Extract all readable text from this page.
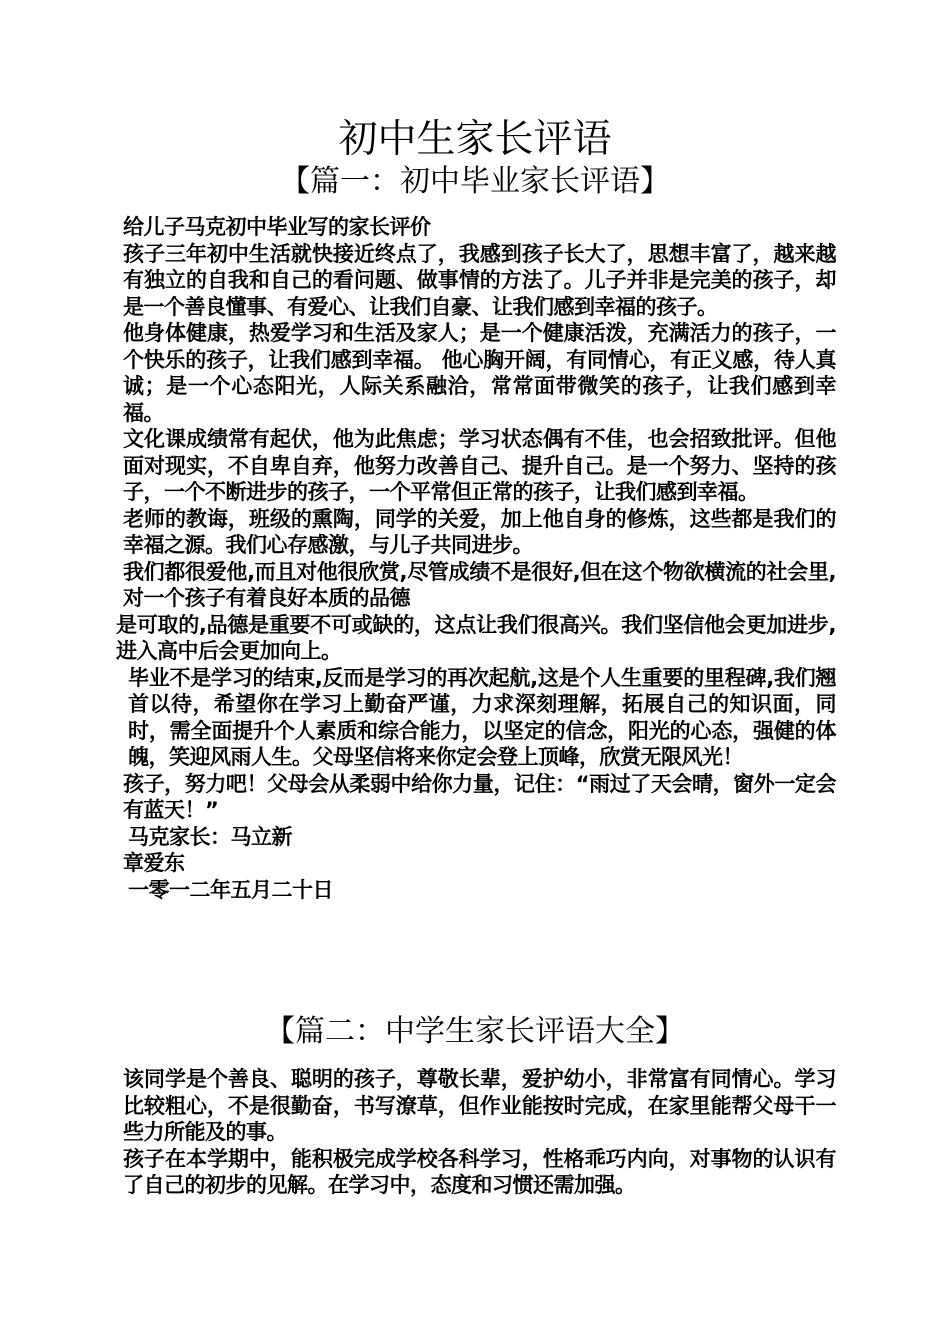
初中生家长评语
【篇一：初中毕业家长评语】

给儿子马克初中毕业写的家长评价

孩子三年初中生活就快接近终点了，我感到孩子长大了，思想丰富了，越来越有独立的自我和自己的看问题、做事情的方法了。儿子并非是完美的孩子，却是一个善良懂事、有爱心、让我们自豪、让我们感到幸福的孩子。

他身体健康，热爱学习和生活及家人；是一个健康活泼，充满活力的孩子，一个快乐的孩子，让我们感到幸福。 他心胸开阔，有同情心，有正义感，待人真诚；是一个心态阳光，人际关系融洽，常常面带微笑的孩子，让我们感到幸福。

文化课成绩常有起伏，他为此焦虑；学习状态偶有不佳，也会招致批评。但他面对现实，不自卑自弃，他努力改善自己、提升自己。是一个努力、坚持的孩子，一个不断进步的孩子，一个平常但正常的孩子，让我们感到幸福。

老师的教诲，班级的熏陶，同学的关爱，加上他自身的修炼，这些都是我们的幸福之源。我们心存感激，与儿子共同进步。

我们都很爱他,而且对他很欣赏,尽管成绩不是很好,但在这个物欲横流的社会里,对一个孩子有着良好本质的品德

是可取的,品德是重要不可或缺的，这点让我们很高兴。我们坚信他会更加进步,进入高中后会更加向上。

毕业不是学习的结束,反而是学习的再次起航,这是个人生重要的里程碑,我们翘首以待，希望你在学习上勤奋严谨，力求深刻理解，拓展自己的知识面，同时，需全面提升个人素质和综合能力，以坚定的信念，阳光的心态，强健的体魄，笑迎风雨人生。父母坚信将来你定会登上顶峰，欣赏无限风光！

孩子，努力吧！父母会从柔弱中给你力量，记住：“雨过了天会晴，窗外一定会有蓝天！”

马克家长：马立新

章爱东

一零一二年五月二十日

【篇二：中学生家长评语大全】

该同学是个善良、聪明的孩子，尊敬长辈，爱护幼小，非常富有同情心。学习比较粗心，不是很勤奋，书写潦草，但作业能按时完成，在家里能帮父母干一些力所能及的事。

孩子在本学期中，能积极完成学校各科学习，性格乖巧内向，对事物的认识有了自己的初步的见解。在学习中，态度和习惯还需加强。
